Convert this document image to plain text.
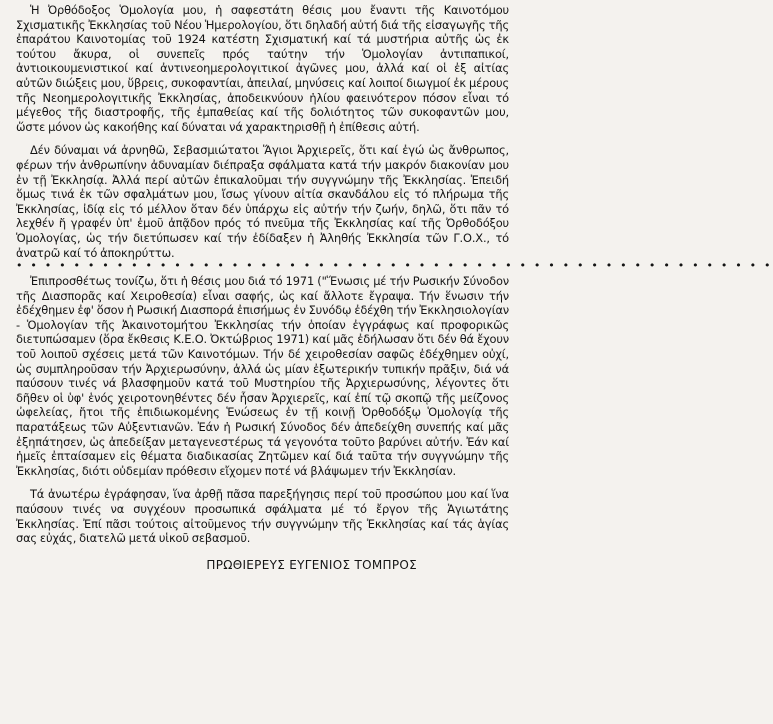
Ἡ Ὀρθόδοξος Ὁμολογία μου, ἡ σαφεστάτη θέσις μου ἔναντι τῆς Καινοτόμου Σχισματικῆς Ἐκκλησίας τοῦ Νέου Ἡμερολογίου, ὅτι δηλαδή αὐτή διά τῆς εἰσαγωγῆς τῆς ἐπαράτου Καινοτομίας τοῦ 1924 κατέστη Σχισματική καί τά μυστήρια αὐτῆς ὡς ἐκ τούτου ἄκυρα, οἱ συνεπεῖς πρός ταύτην τήν Ὁμολογίαν ἀντιπαπικοί, ἀντιοικουμενιστικοί καί ἀντινεοημερολογιτικοί ἀγῶνες μου, ἀλλά καί οἱ ἐξ αἰτίας αὐτῶν διώξεις μου, ὕβρεις, συκοφαντίαι, ἀπειλαί, μηνύσεις καί λοιποί διωγμοί ἐκ μέρους τῆς Νεοημερολογιτικῆς Ἐκκλησίας, ἀποδεικνύουν ἡλίου φαεινότερον πόσον εἶναι τό μέγεθος τῆς διαστροφῆς, τῆς ἐμπαθείας καί τῆς δολιότητος τῶν συκοφαντῶν μου, ὥστε μόνον ὡς κακοήθης καί δύναται νά χαρακτηρισθῇ ἡ ἐπίθεσις αὐτή.

Δέν δύναμαι νά ἀρνηθῶ, Σεβασμιώτατοι Ἅγιοι Ἀρχιερεῖς, ὅτι καί ἐγώ ὡς ἄνθρωπος, φέρων τήν ἀνθρωπίνην ἀδυναμίαν διέπραξα σφάλματα κατά τήν μακρόν διακονίαν μου ἐν τῇ Ἐκκλησίᾳ. Ἀλλά περί αὐτῶν ἐπικαλοῦμαι τήν συγγνώμην τῆς Ἐκκλησίας. Ἐπειδή ὅμως τινά ἐκ τῶν σφαλμάτων μου, ἴσως γίνουν αἰτία σκανδάλου εἰς τό πλήρωμα τῆς Ἐκκλησίας, ἰδίᾳ εἰς τό μέλλον ὅταν δέν ὑπάρχω εἰς αὐτήν τήν ζωήν, δηλῶ, ὅτι πᾶν τό λεχθέν ἤ γραφέν ὑπ' ἐμοῦ ἀπᾷδον πρός τό πνεῦμα τῆς Ἐκκλησίας καί τῆς Ὀρθοδόξου Ὁμολογίας, ὡς τήν διετύπωσεν καί τήν ἐδίδαξεν ἡ Ἀληθής Ἐκκλησία τῶν Γ.Ο.Χ., τό ἀνατρῶ καί τό ἀποκηρύττω.

• • • • • • • • • • • • • • • • • • • • • • • • • • • • • • • • • • • • • • • • • • • • • • • • • • • • •

Ἐπιπροσθέτως τονίζω, ὅτι ἡ θέσις μου διά τό 1971 ("Ἕνωσις μέ τήν Ρωσικήν Σύνοδον τῆς Διασπορᾶς καί Χειροθεσία) εἶναι σαφής, ὡς καί ἄλλοτε ἔγραψα. Τήν ἕνωσιν τήν ἐδέχθημεν ἐφ' ὅσον ἡ Ρωσική Διασπορά ἐπισήμως ἐν Συνόδῳ ἐδέχθη τήν Ἐκκλησιολογίαν - Ὁμολογίαν τῆς Ἀκαινοτομήτου Ἐκκλησίας τήν ὁποίαν ἐγγράφως καί προφορικῶς διετυπώσαμεν (ὅρα ἔκθεσις Κ.Ε.Ο. Ὀκτώβριος 1971) καί μᾶς ἐδήλωσαν ὅτι δέν θά ἔχουν τοῦ λοιποῦ σχέσεις μετά τῶν Καινοτόμων. Τήν δέ χειροθεσίαν σαφῶς ἐδέχθημεν οὐχί, ὡς συμπληροῦσαν τήν Ἀρχιερωσύνην, ἀλλά ὡς μίαν ἐξωτερικήν τυπικήν πρᾶξιν, διά νά παύσουν τινές νά βλασφημοῦν κατά τοῦ Μυστηρίου τῆς Ἀρχιερωσύνης, λέγοντες ὅτι δῆθεν οἱ ὑφ' ἑνός χειροτονηθέντες δέν ἦσαν Ἀρχιερεῖς, καί ἐπί τῷ σκοπῷ τῆς μείζονος ὠφελείας, ἤτοι τῆς ἐπιδιωκομένης Ἑνώσεως ἐν τῇ κοινῇ Ὀρθοδόξῳ Ὁμολογίᾳ τῆς παρατάξεως τῶν Αὐξεντιανῶν. Ἐάν ἡ Ρωσική Σύνοδος δέν ἀπεδείχθη συνεπής καί μᾶς ἐξηπάτησεν, ὡς ἀπεδείξαν μεταγενεστέρως τά γεγονότα τοῦτο βαρύνει αὐτήν. Ἐάν καί ἡμεῖς ἐπταίσαμεν εἰς θέματα διαδικασίας Ζητῶμεν καί διά ταῦτα τήν συγγνώμην τῆς Ἐκκλησίας, διότι οὐδεμίαν πρόθεσιν εἴχομεν ποτέ νά βλάψωμεν τήν Ἐκκλησίαν.

Τά ἀνωτέρω ἐγράφησαν, ἵνα ἀρθῇ πᾶσα παρεξήγησις περί τοῦ προσώπου μου καί ἵνα παύσουν τινές να συγχέουν προσωπικά σφάλματα μέ τό ἔργον τῆς Ἁγιωτάτης Ἐκκλησίας. Ἐπί πᾶσι τούτοις αἰτοῦμενος τήν συγγνώμην τῆς Ἐκκλησίας καί τάς ἁγίας σας εὐχάς, διατελῶ μετά υἱκοῦ σεβασμοῦ.

ΠΡΩΘΙΕΡΕΥΣ ΕΥΓΕΝΙΟΣ ΤΟΜΠΡΟΣ
